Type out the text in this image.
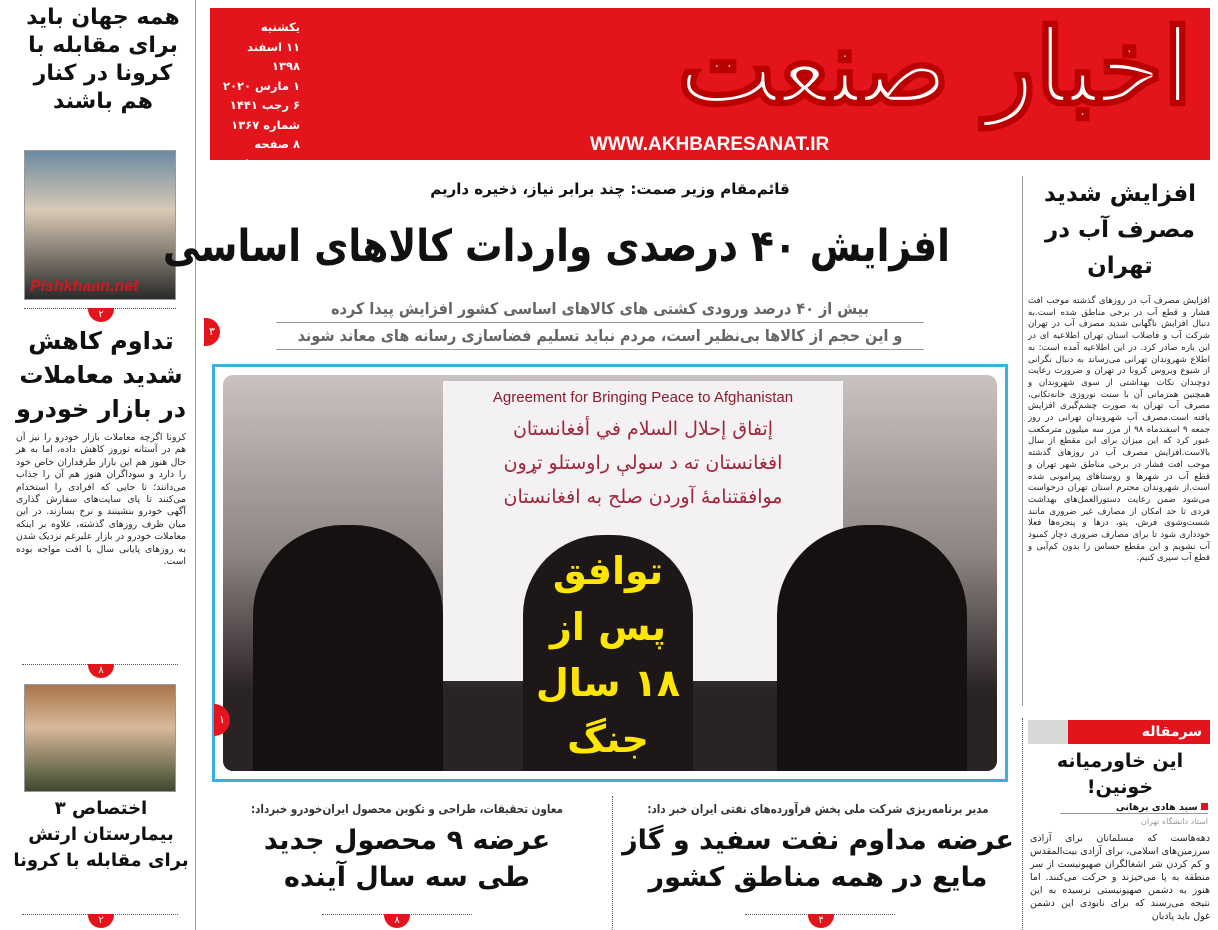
اخبار صنعت
WWW.AKHBARESANAT.IR
یکشنبه
۱۱ اسفند ۱۳۹۸
۱ مارس ۲۰۲۰
۶ رجب ۱۴۴۱
شماره ۱۳۶۷
۸ صفحه
۲۰۰۰ تومان
همه جهان باید برای مقابله با کرونا در کنار هم باشند
Pishkhaan.net
۲
تداوم کاهش شدید معاملات در بازار خودرو
کرونا اگرچه معاملات بازار خودرو را نیز آن هم در آستانه نوروز کاهش داده، اما به هر حال هنوز هم این بازار طرفداران خاص خود را دارد و سوداگران هنوز هم آن را جذاب می‌دانند؛ تا جایی که افرادی را استخدام می‌کنند تا پای سایت‌های سفارش گذاری آگهی خودرو بنشینند و نرخ بسازند. در این میان ظرف روزهای گذشته، علاوه بر اینکه معاملات خودرو در بازار علیرغم نزدیک شدن به روزهای پایانی سال با افت مواجه بوده است.
۸
اختصاص ۳ بیمارستان ارتش برای مقابله با کرونا
۲
قائم‌مقام وزیر صمت: چند برابر نیاز، ذخیره داریم
افزایش ۴۰ درصدی واردات کالاهای اساسی
بیش از ۴۰ درصد ورودی کشتی های کالاهای اساسی کشور افزایش پیدا کرده
و این حجم از کالاها بی‌نظیر است، مردم نباید تسلیم فضاسازی رسانه های معاند شوند
۳
Agreement for Bringing Peace to Afghanistan
إتفاق إحلال السلام في أفغانستان
افغانستان ته د سولې راوستلو تړون
موافقتنامهٔ آوردن صلح به افغانستان
توافق
پس از
۱۸ سال
جنگ
۱
مدیر برنامه‌ریزی شرکت ملی پخش فرآورده‌های نفتی ایران خبر داد:
عرضه مداوم نفت سفید و گاز
مایع در همه مناطق کشور
۴
معاون تحقیقات، طراحی و تکوین محصول ایران‌خودرو خبرداد:
عرضه ۹ محصول جدید
طی سه سال آینده
۸
افزایش شدید مصرف آب در تهران
افزایش مصرف آب در روزهای گذشته موجب افت فشار و قطع آب در برخی مناطق شده است.به دنبال افزایش ناگهانی شدید مصرف آب در تهران شرکت آب و فاضلاب استان تهران اطلاعیه ای در این باره صادر کرد. در این اطلاعیه آمده است: به اطلاع شهروندان تهرانی می‌رساند به دنبال نگرانی از شیوع ویروس کرونا در تهران و ضرورت رعایت دوچندان نکات بهداشتی از سوی شهروندان و همچنین همزمانی آن با سنت نوروزی خانه‌تکانی، مصرف آب تهران به صورت چشم‌گیری افزایش یافته است.مصرف آب شهروندان تهرانی در روز جمعه ۹ اسفندماه ۹۸ از مرز سه میلیون مترمکعب عبور کرد که این میزان برای این مقطع از سال بالاست.افزایش مصرف آب در روزهای گذشته موجب افت فشار در برخی مناطق شهر تهران و قطع آب در شهرها و روستاهای پیرامونی شده است.از شهروندان محترم استان تهران درخواست می‌شود ضمن رعایت دستورالعمل‌های بهداشت فردی تا حد امکان از مصارف غیر ضروری مانند شست‌وشوی فرش، پتو، درها و پنجره‌ها فعلا خودداری شود تا برای مصارف ضروری دچار کمبود آب نشویم و این مقطع حساس را بدون کم‌آبی و قطع آب سپری کنیم.
سرمقاله
این خاورمیانه خونین!
سید هادی برهانی
استاد دانشگاه تهران
دهه‌هاست که مسلمانان برای آزادی سرزمین‌های اسلامی، برای آزادی بیت‌المقدس و کم کردن شر اشغالگران صهیونیست از سر منطقه به پا می‌خیزند و حرکت می‌کنند. اما هنوز به دشمن صهیونیستی نرسیده به این نتیجه می‌رسند که برای نابودی این دشمن غول باید پادبان
